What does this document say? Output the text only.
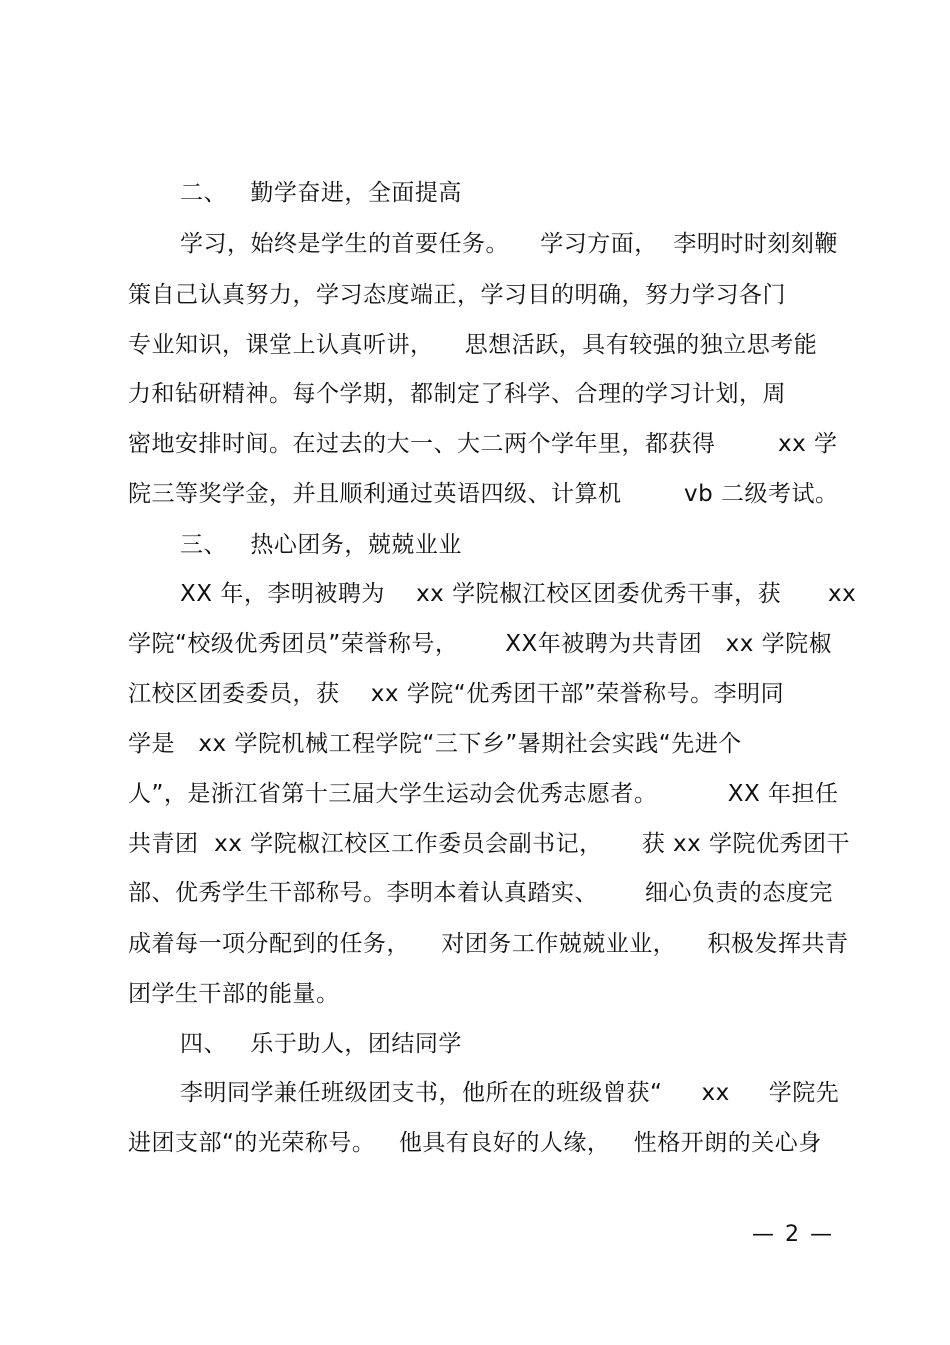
二、   勤学奋进，全面提高
学习，始终是学生的首要任务。    学习方面，  李明时时刻刻鞭
策自己认真努力，学习态度端正，学习目的明确，努力学习各门
专业知识，课堂上认真听讲，    思想活跃，具有较强的独立思考能
力和钻研精神。每个学期，都制定了科学、合理的学习计划，周
密地安排时间。在过去的大一、大二两个学年里，都获得        xx 学
院三等奖学金，并且顺利通过英语四级、计算机        vb 二级考试。
三、   热心团务，兢兢业业
XX 年，李明被聘为    xx 学院椒江校区团委优秀干事，获      xx
学院“校级优秀团员”荣誉称号，      XX年被聘为共青团   xx 学院椒
江校区团委委员，获    xx 学院“优秀团干部”荣誉称号。李明同
学是   xx 学院机械工程学院“三下乡”暑期社会实践“先进个
人”，是浙江省第十三届大学生运动会优秀志愿者。         XX 年担任
共青团  xx 学院椒江校区工作委员会副书记，     获 xx 学院优秀团干
部、优秀学生干部称号。李明本着认真踏实、      细心负责的态度完
成着每一项分配到的任务，    对团务工作兢兢业业，    积极发挥共青
团学生干部的能量。
四、   乐于助人，团结同学
李明同学兼任班级团支书，他所在的班级曾获“     xx     学院先
进团支部“的光荣称号。   他具有良好的人缘，   性格开朗的关心身
— 2 —
